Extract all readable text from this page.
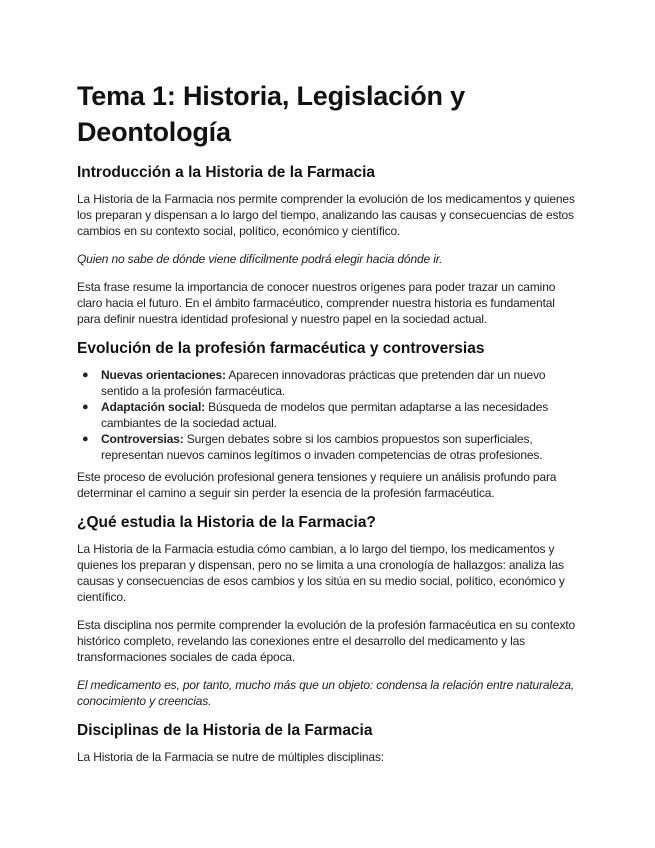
Tema 1: Historia, Legislación y Deontología
Introducción a la Historia de la Farmacia

La Historia de la Farmacia nos permite comprender la evolución de los medicamentos y quienes los preparan y dispensan a lo largo del tiempo, analizando las causas y consecuencias de estos cambios en su contexto social, político, económico y científico.

Quien no sabe de dónde viene difícilmente podrá elegir hacia dónde ir.

Esta frase resume la importancia de conocer nuestros orígenes para poder trazar un camino claro hacia el futuro. En el ámbito farmacéutico, comprender nuestra historia es fundamental para definir nuestra identidad profesional y nuestro papel en la sociedad actual.

Evolución de la profesión farmacéutica y controversias
● Nuevas orientaciones: Aparecen innovadoras prácticas que pretenden dar un nuevo sentido a la profesión farmacéutica.
● Adaptación social: Búsqueda de modelos que permitan adaptarse a las necesidades cambiantes de la sociedad actual.
● Controversias: Surgen debates sobre si los cambios propuestos son superficiales, representan nuevos caminos legítimos o invaden competencias de otras profesiones.

Este proceso de evolución profesional genera tensiones y requiere un análisis profundo para determinar el camino a seguir sin perder la esencia de la profesión farmacéutica.

¿Qué estudia la Historia de la Farmacia?

La Historia de la Farmacia estudia cómo cambian, a lo largo del tiempo, los medicamentos y quienes los preparan y dispensan, pero no se limita a una cronología de hallazgos: analiza las causas y consecuencias de esos cambios y los sitúa en su medio social, político, económico y científico.

Esta disciplina nos permite comprender la evolución de la profesión farmacéutica en su contexto histórico completo, revelando las conexiones entre el desarrollo del medicamento y las transformaciones sociales de cada época.

El medicamento es, por tanto, mucho más que un objeto: condensa la relación entre naturaleza, conocimiento y creencias.

Disciplinas de la Historia de la Farmacia

La Historia de la Farmacia se nutre de múltiples disciplinas:
